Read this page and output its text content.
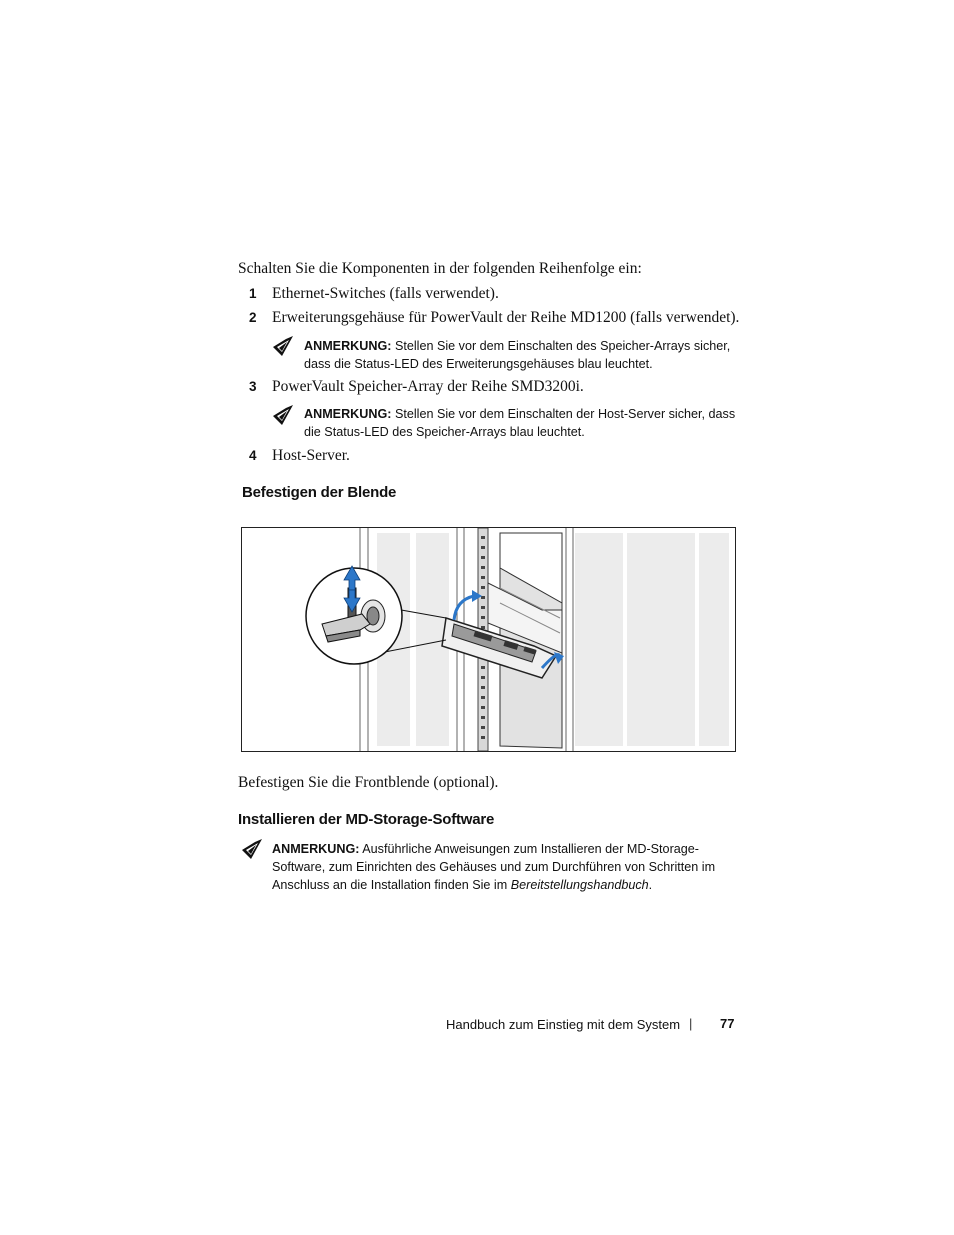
Schalten Sie die Komponenten in der folgenden Reihenfolge ein:
1 Ethernet-Switches (falls verwendet).
2 Erweiterungsgehäuse für PowerVault der Reihe MD1200 (falls verwendet).
ANMERKUNG: Stellen Sie vor dem Einschalten des Speicher-Arrays sicher,
dass die Status-LED des Erweiterungsgehäuses blau leuchtet.
3 PowerVault Speicher-Array der Reihe SMD3200i.
ANMERKUNG: Stellen Sie vor dem Einschalten der Host-Server sicher, dass
die Status-LED des Speicher-Arrays blau leuchtet.
4 Host-Server.
Befestigen der Blende
Befestigen Sie die Frontblende (optional).
Installieren der MD-Storage-Software
ANMERKUNG: Ausführliche Anweisungen zum Installieren der MD-Storage-
Software, zum Einrichten des Gehäuses und zum Durchführen von Schritten im
Anschluss an die Installation finden Sie im Bereitstellungshandbuch.
Handbuch zum Einstieg mit dem System | 77
